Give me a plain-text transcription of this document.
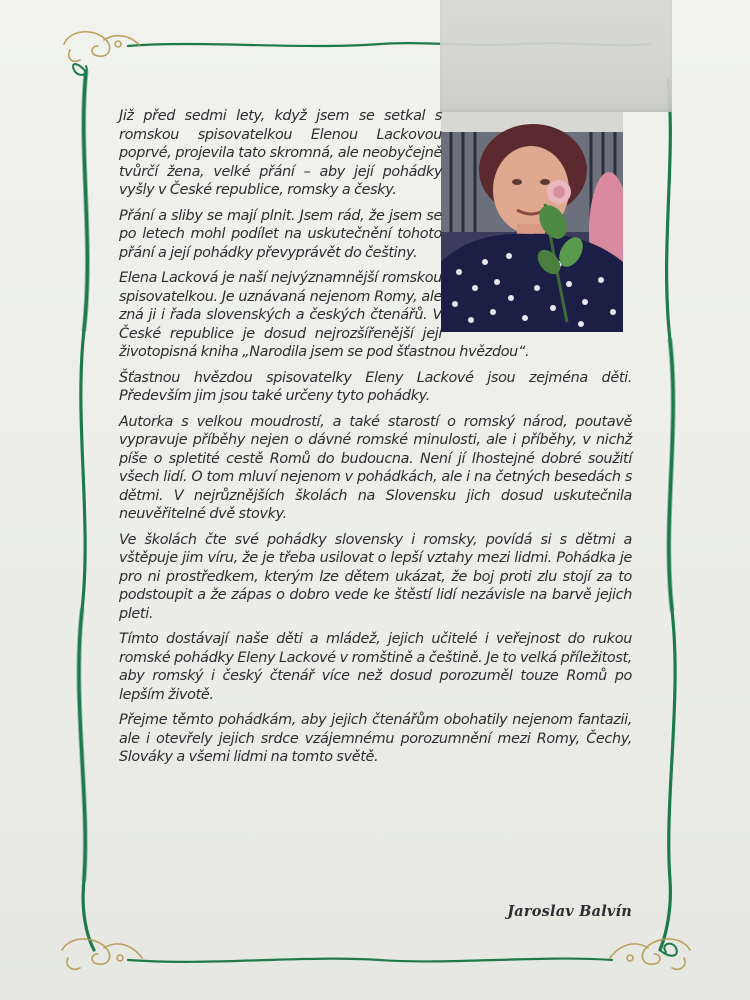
Již před sedmi lety, když jsem se setkal s romskou spisovatelkou Elenou Lackovou poprvé, projevila tato skromná, ale neobyčejně tvůrčí žena, velké přání – aby její pohádky vyšly v České republice, romsky a česky.

Přání a sliby se mají plnit. Jsem rád, že jsem se po letech mohl podílet na uskutečnění tohoto přání a její pohádky převyprávět do češtiny.

Elena Lacková je naší nejvýznamnější romskou spisovatelkou. Je uznávaná nejenom Romy, ale zná ji i řada slovenských a českých čtenářů. V České republice je dosud nejrozšířenější její životopisná kniha „Narodila jsem se pod šťastnou hvězdou“.

Šťastnou hvězdou spisovatelky Eleny Lackové jsou zejména děti. Především jim jsou také určeny tyto pohádky.

Autorka s velkou moudrostí, a také starostí o romský národ, poutavě vypravuje příběhy nejen o dávné romské minulosti, ale i příběhy, v nichž píše o spletité cestě Romů do budoucna. Není jí lhostejné dobré soužití všech lidí. O tom mluví nejenom v pohádkách, ale i na četných besedách s dětmi. V nejrůznějších školách na Slovensku jich dosud uskutečnila neuvěřitelné dvě stovky.

Ve školách čte své pohádky slovensky i romsky, povídá si s dětmi a vštěpuje jim víru, že je třeba usilovat o lepší vztahy mezi lidmi. Pohádka je pro ni prostředkem, kterým lze dětem ukázat, že boj proti zlu stojí za to podstoupit a že zápas o dobro vede ke štěstí lidí nezávisle na barvě jejich pleti.

Tímto dostávají naše děti a mládež, jejich učitelé i veřejnost do rukou romské pohádky Eleny Lackové v romštině a češtině. Je to velká příležitost, aby romský i český čtenář více než dosud porozuměl touze Romů po lepším životě.

Přejme těmto pohádkám, aby jejich čtenářům obohatily nejenom fantazii, ale i otevřely jejich srdce vzájemnému porozumnění mezi Romy, Čechy, Slováky a všemi lidmi na tomto světě.

Jaroslav Balvín
